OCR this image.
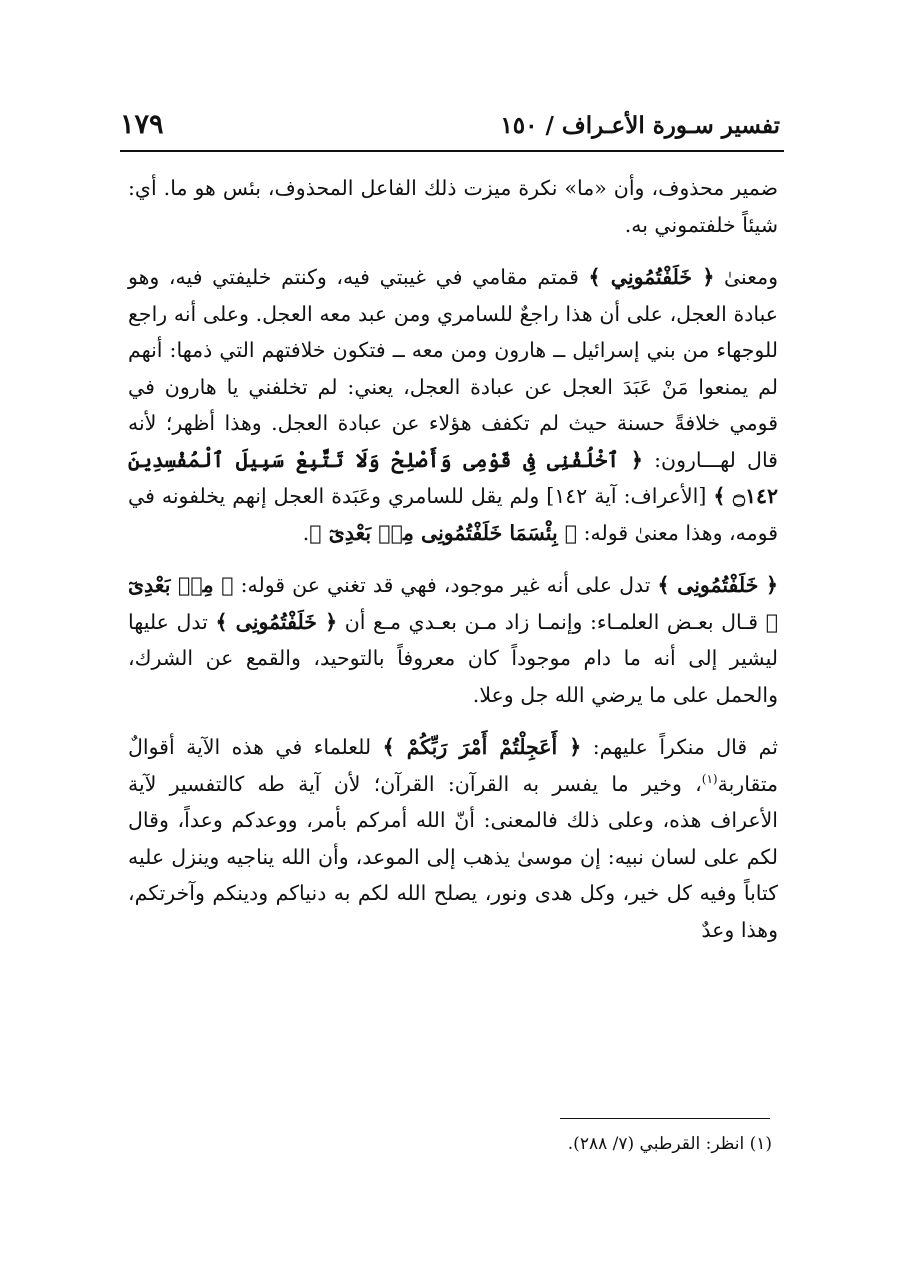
تفسير سـورة الأعـراف / ١٥٠
١٧٩

ضمير محذوف، وأن «ما» نكرة ميزت ذلك الفاعل المحذوف، بئس هو ما. أي: شيئاً خلفتموني به.

ومعنىٰ ﴿ خَلَفْتُمُونِي ﴾ قمتم مقامي في غيبتي فيه، وكنتم خليفتي فيه، وهو عبادة العجل، على أن هذا راجعٌ للسامري ومن عبد معه العجل. وعلى أنه راجع للوجهاء من بني إسرائيل ــ هارون ومن معه ــ فتكون خلافتهم التي ذمها: أنهم لم يمنعوا مَنْ عَبَدَ العجل عن عبادة العجل، يعني: لم تخلفني يا هارون في قومي خلافةً حسنة حيث لم تكفف هؤلاء عن عبادة العجل. وهذا أظهر؛ لأنه قال لهـــارون: ﴿ ٱخْلُفْنِى فِى قَوْمِى وَأَصْلِحْ وَلَا تَتَّبِعْ سَبِيلَ ٱلْمُفْسِدِينَ ۝١٤٢ ﴾ [الأعراف: آية ١٤٢] ولم يقل للسامري وعَبَدة العجل إنهم يخلفونه في قومه، وهذا معنىٰ قوله: ﴿ بِئْسَمَا خَلَفْتُمُونِى مِنۢ بَعْدِىٓ ﴾.

﴿ خَلَفْتُمُونِى ﴾ تدل على أنه غير موجود، فهي قد تغني عن قوله: ﴿ مِنۢ بَعْدِىٓ ﴾ قـال بعـض العلمـاء: وإنمـا زاد مـن بعـدي مـع أن ﴿ خَلَفْتُمُونِى ﴾ تدل عليها ليشير إلى أنه ما دام موجوداً كان معروفاً بالتوحيد، والقمع عن الشرك، والحمل على ما يرضي الله جل وعلا.

ثم قال منكراً عليهم: ﴿ أَعَجِلْتُمْ أَمْرَ رَبِّكُمْ ﴾ للعلماء في هذه الآية أقوالٌ متقاربة$^{(١)}$، وخير ما يفسر به القرآن: القرآن؛ لأن آية طه كالتفسير لآية الأعراف هذه، وعلى ذلك فالمعنى: أنّ الله أمركم بأمر، ووعدكم وعداً، وقال لكم على لسان نبيه: إن موسىٰ يذهب إلى الموعد، وأن الله يناجيه وينزل عليه كتاباً وفيه كل خير، وكل هدى ونور، يصلح الله لكم به دنياكم ودينكم وآخرتكم، وهذا وعدٌ

(١) انظر: القرطبي (٧/ ٢٨٨).
